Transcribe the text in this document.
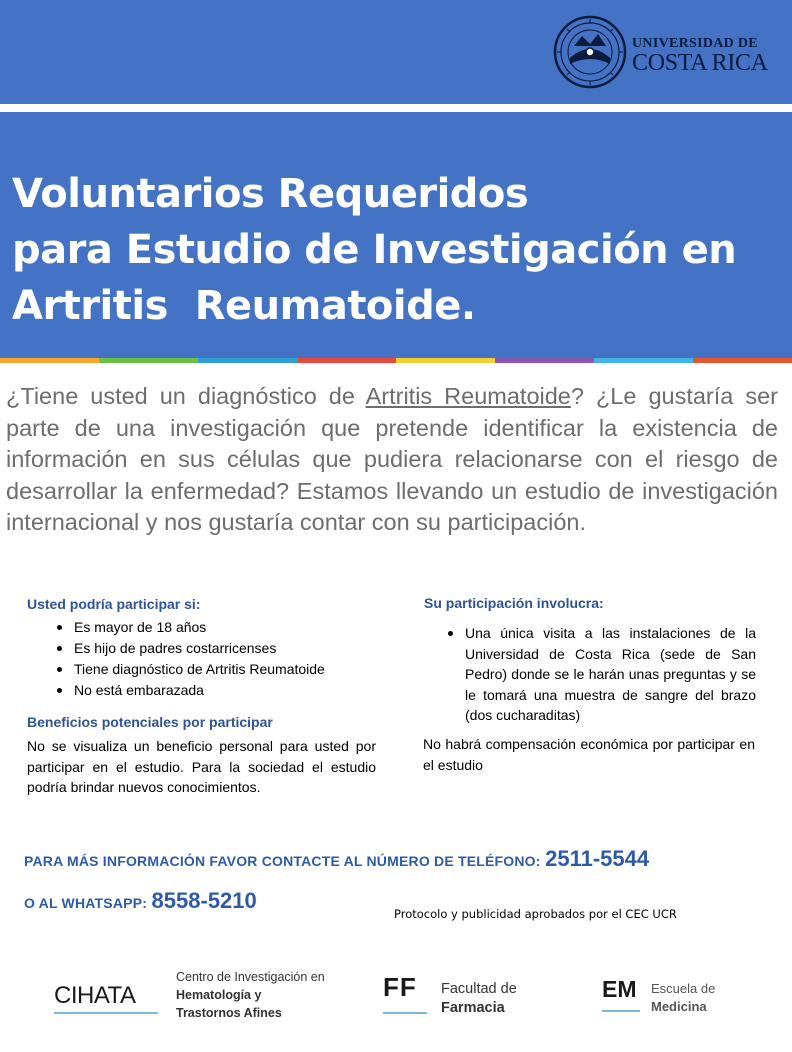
UNIVERSIDAD DE
COSTA RICA
Voluntarios Requeridos
para Estudio de Investigación en
Artritis  Reumatoide.

¿Tiene usted un diagnóstico de Artritis Reumatoide? ¿Le gustaría ser parte de una investigación que pretende identificar la existencia de información en sus células que pudiera relacionarse con el riesgo de desarrollar la enfermedad? Estamos llevando un estudio de investigación internacional y nos gustaría contar con su participación.

Usted podría participar si:
Es mayor de 18 años
Es hijo de padres costarricenses
Tiene diagnóstico de Artritis Reumatoide
No está embarazada
Beneficios potenciales por participar

No se visualiza un beneficio personal para usted por participar en el estudio. Para la sociedad el estudio podría brindar nuevos conocimientos.

Su participación involucra:
Una única visita a las instalaciones de la Universidad de Costa Rica (sede de San Pedro) donde se le harán unas preguntas y se le tomará una muestra de sangre del brazo (dos cucharaditas)

No habrá compensación económica por participar en el estudio

PARA MÁS INFORMACIÓN FAVOR CONTACTE AL NÚMERO DE TELÉFONO: 2511-5544
O AL WHATSAPP: 8558-5210
Protocolo y publicidad aprobados por el CEC UCR
CIHATA
Centro de Investigación en
Hematología y
Trastornos Afines
FF Facultad de
Farmacia
EM Escuela de
Medicina
